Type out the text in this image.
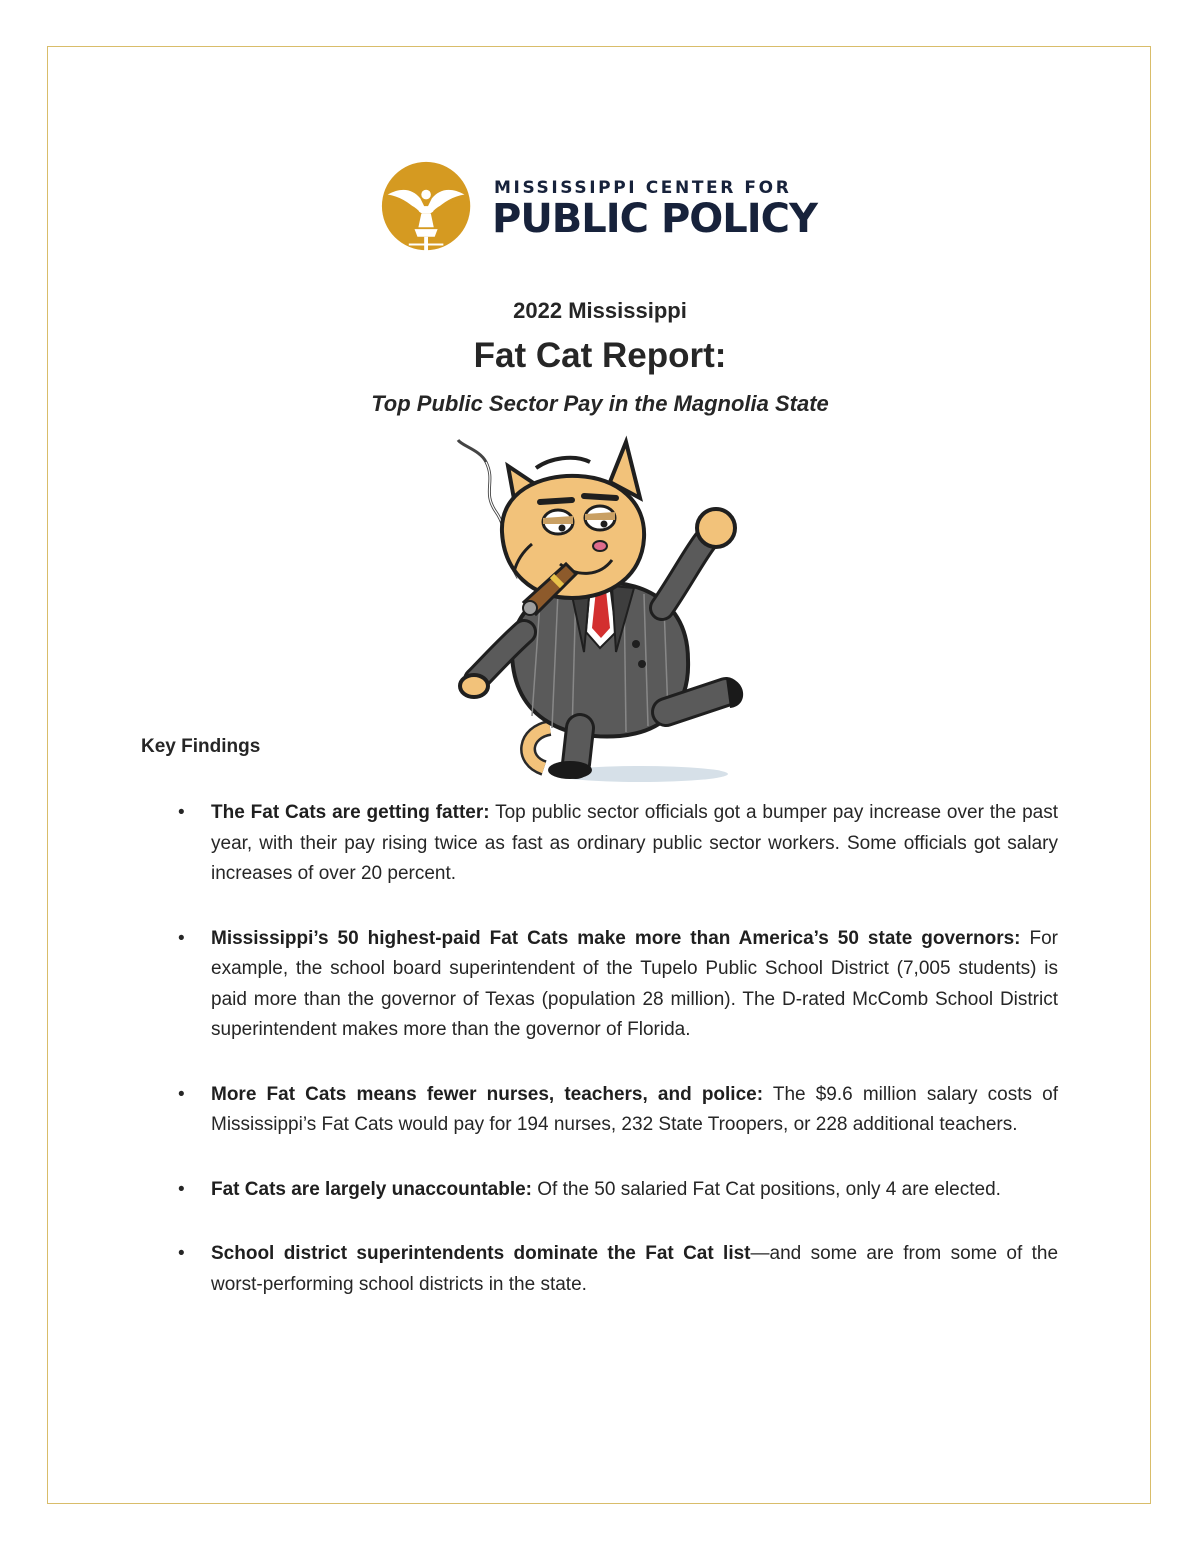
MISSISSIPPI CENTER FOR
PUBLIC POLICY
2022 Mississippi
Fat Cat Report:
Top Public Sector Pay in the Magnolia State
Key Findings
• The Fat Cats are getting fatter: Top public sector officials got a bumper pay increase over the past year, with their pay rising twice as fast as ordinary public sector workers. Some officials got salary increases of over 20 percent.
• Mississippi’s 50 highest-paid Fat Cats make more than America’s 50 state governors: For example, the school board superintendent of the Tupelo Public School District (7,005 students) is paid more than the governor of Texas (population 28 million). The D-rated McComb School District superintendent makes more than the governor of Florida.
• More Fat Cats means fewer nurses, teachers, and police: The $9.6 million salary costs of Mississippi’s Fat Cats would pay for 194 nurses, 232 State Troopers, or 228 additional teachers.
• Fat Cats are largely unaccountable: Of the 50 salaried Fat Cat positions, only 4 are elected.
• School district superintendents dominate the Fat Cat list—and some are from some of the worst-performing school districts in the state.
